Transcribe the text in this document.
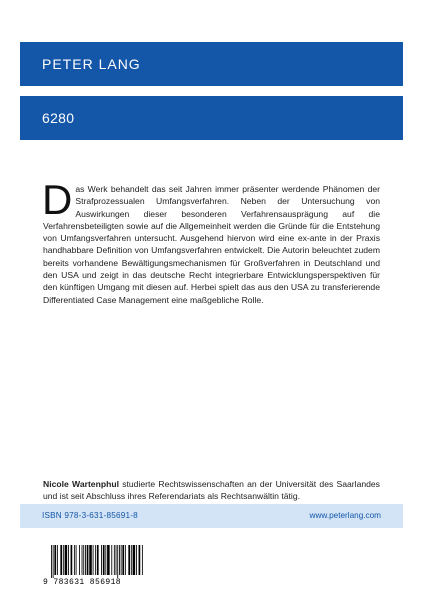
PETER LANG
6280
Das Werk behandelt das seit Jahren immer präsenter werdende Phänomen der Strafprozessualen Umfangsverfahren. Neben der Untersuchung von Auswirkungen dieser besonderen Verfahrensausprägung auf die Verfahrensbeteiligten sowie auf die Allgemeinheit werden die Gründe für die Entstehung von Umfangsverfahren untersucht. Ausgehend hiervon wird eine ex-ante in der Praxis handhabbare Definition von Umfangsverfahren entwickelt. Die Autorin beleuchtet zudem bereits vorhandene Bewältigungsmechanismen für Großverfahren in Deutschland und den USA und zeigt in das deutsche Recht integrierbare Entwicklungsperspektiven für den künftigen Umgang mit diesen auf. Herbei spielt das aus den USA zu transferierende Differentiated Case Management eine maßgebliche Rolle.
Nicole Wartenphul studierte Rechtswissenschaften an der Universität des Saarlandes und ist seit Abschluss ihres Referendariats als Rechtsanwältin tätig.
ISBN 978-3-631-85691-8	www.peterlang.com
9 783631 856918
